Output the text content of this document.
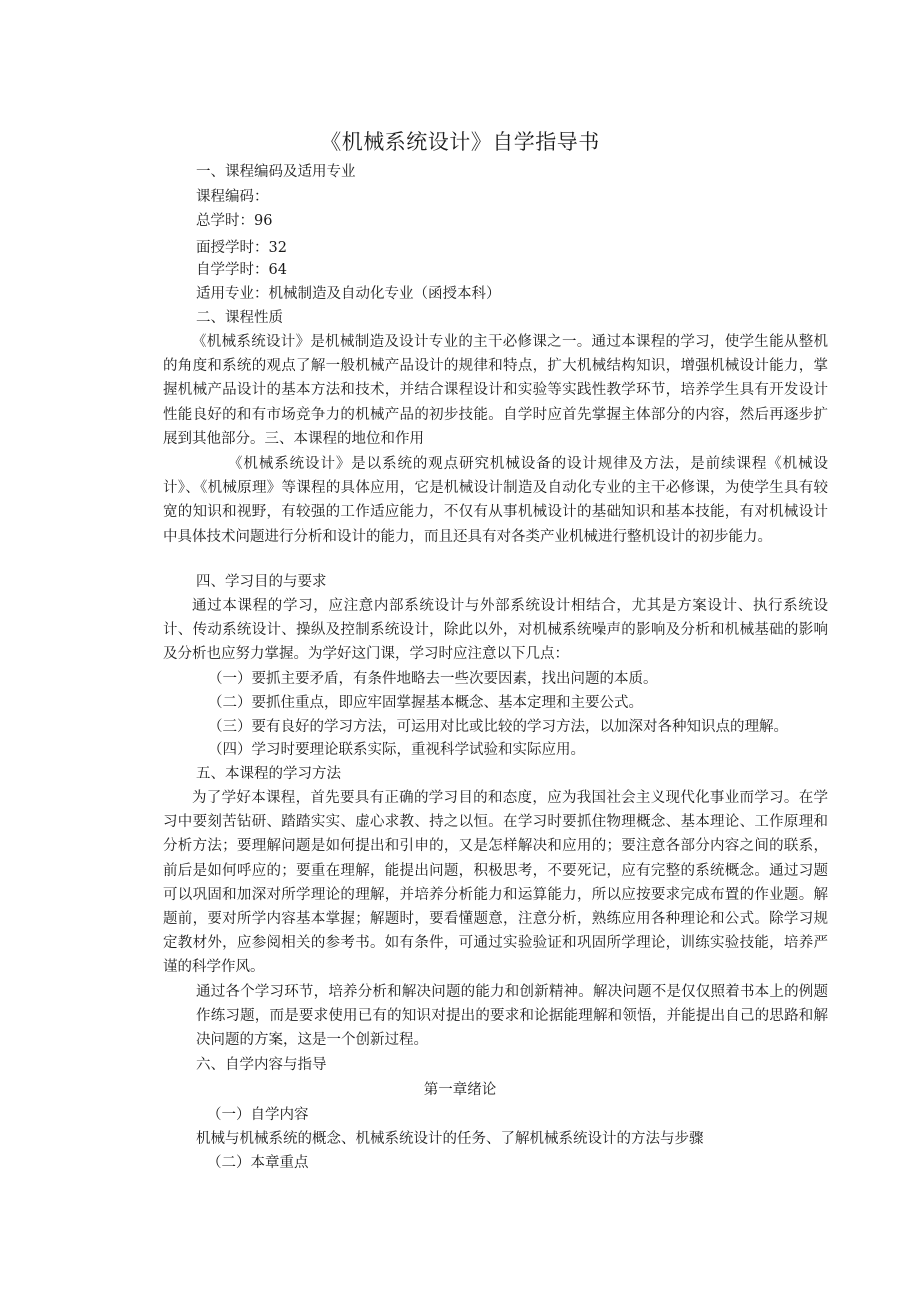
《机械系统设计》自学指导书
一、课程编码及适用专业
课程编码：
总学时：96
面授学时：32
自学学时：64
适用专业：机械制造及自动化专业（函授本科）
二、课程性质
《机械系统设计》是机械制造及设计专业的主干必修课之一。通过本课程的学习，使学生能从整机的角度和系统的观点了解一般机械产品设计的规律和特点，扩大机械结构知识，增强机械设计能力，掌握机械产品设计的基本方法和技术，并结合课程设计和实验等实践性教学环节，培养学生具有开发设计性能良好的和有市场竞争力的机械产品的初步技能。自学时应首先掌握主体部分的内容，然后再逐步扩展到其他部分。三、本课程的地位和作用
《机械系统设计》是以系统的观点研究机械设备的设计规律及方法，是前续课程《机械设计》、《机械原理》等课程的具体应用，它是机械设计制造及自动化专业的主干必修课，为使学生具有较宽的知识和视野，有较强的工作适应能力，不仅有从事机械设计的基础知识和基本技能，有对机械设计中具体技术问题进行分析和设计的能力，而且还具有对各类产业机械进行整机设计的初步能力。
四、学习目的与要求
通过本课程的学习，应注意内部系统设计与外部系统设计相结合，尤其是方案设计、执行系统设计、传动系统设计、操纵及控制系统设计，除此以外，对机械系统噪声的影响及分析和机械基础的影响及分析也应努力掌握。为学好这门课，学习时应注意以下几点：
（一）要抓主要矛盾，有条件地略去一些次要因素，找出问题的本质。
（二）要抓住重点，即应牢固掌握基本概念、基本定理和主要公式。
（三）要有良好的学习方法，可运用对比或比较的学习方法，以加深对各种知识点的理解。
（四）学习时要理论联系实际，重视科学试验和实际应用。
五、本课程的学习方法
为了学好本课程，首先要具有正确的学习目的和态度，应为我国社会主义现代化事业而学习。在学习中要刻苦钻研、踏踏实实、虚心求教、持之以恒。在学习时要抓住物理概念、基本理论、工作原理和分析方法；要理解问题是如何提出和引申的，又是怎样解决和应用的；要注意各部分内容之间的联系，前后是如何呼应的；要重在理解，能提出问题，积极思考，不要死记，应有完整的系统概念。通过习题可以巩固和加深对所学理论的理解，并培养分析能力和运算能力，所以应按要求完成布置的作业题。解题前，要对所学内容基本掌握；解题时，要看懂题意，注意分析，熟练应用各种理论和公式。除学习规定教材外，应参阅相关的参考书。如有条件，可通过实验验证和巩固所学理论，训练实验技能，培养严谨的科学作风。
通过各个学习环节，培养分析和解决问题的能力和创新精神。解决问题不是仅仅照着书本上的例题作练习题，而是要求使用已有的知识对提出的要求和论据能理解和领悟，并能提出自己的思路和解决问题的方案，这是一个创新过程。
六、自学内容与指导
第一章绪论
（一）自学内容
机械与机械系统的概念、机械系统设计的任务、了解机械系统设计的方法与步骤
（二）本章重点
